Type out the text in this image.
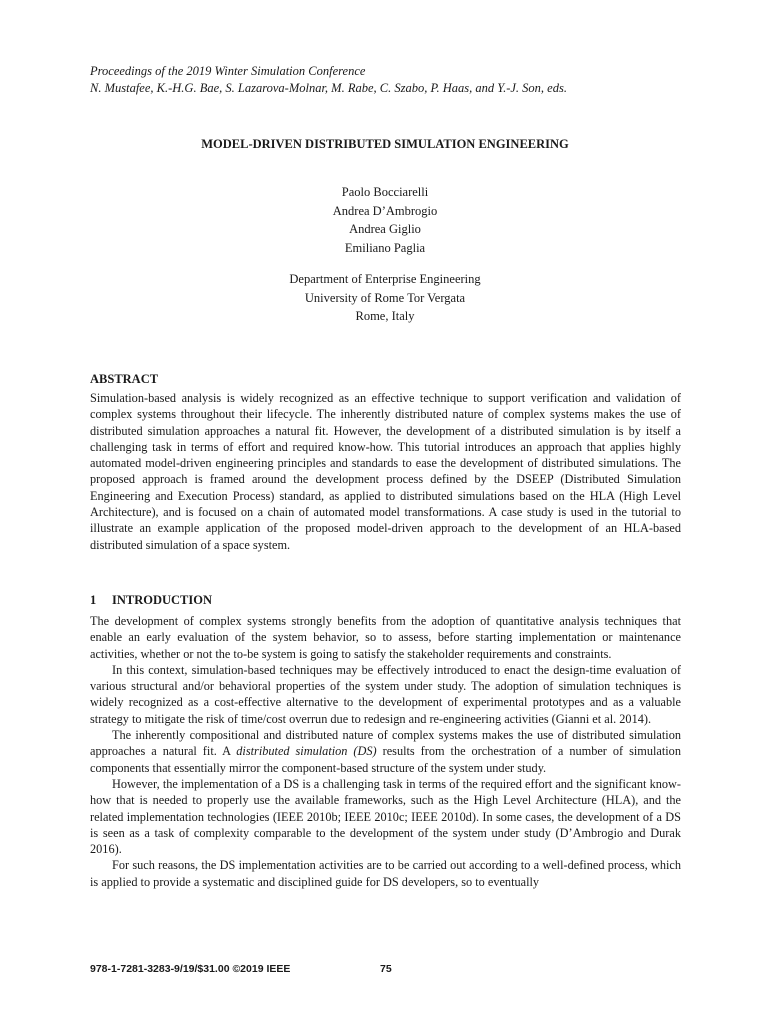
Proceedings of the 2019 Winter Simulation Conference
N. Mustafee, K.-H.G. Bae, S. Lazarova-Molnar, M. Rabe, C. Szabo, P. Haas, and Y.-J. Son, eds.
MODEL-DRIVEN DISTRIBUTED SIMULATION ENGINEERING
Paolo Bocciarelli
Andrea D’Ambrogio
Andrea Giglio
Emiliano Paglia
Department of Enterprise Engineering
University of Rome Tor Vergata
Rome, Italy
ABSTRACT

Simulation-based analysis is widely recognized as an effective technique to support verification and validation of complex systems throughout their lifecycle. The inherently distributed nature of complex systems makes the use of distributed simulation approaches a natural fit. However, the development of a distributed simulation is by itself a challenging task in terms of effort and required know-how. This tutorial introduces an approach that applies highly automated model-driven engineering principles and standards to ease the development of distributed simulations. The proposed approach is framed around the development process defined by the DSEEP (Distributed Simulation Engineering and Execution Process) standard, as applied to distributed simulations based on the HLA (High Level Architecture), and is focused on a chain of automated model transformations. A case study is used in the tutorial to illustrate an example application of the proposed model-driven approach to the development of an HLA-based distributed simulation of a space system.

1 INTRODUCTION

The development of complex systems strongly benefits from the adoption of quantitative analysis techniques that enable an early evaluation of the system behavior, so to assess, before starting implementation or maintenance activities, whether or not the to-be system is going to satisfy the stakeholder requirements and constraints.

In this context, simulation-based techniques may be effectively introduced to enact the design-time evaluation of various structural and/or behavioral properties of the system under study. The adoption of simulation techniques is widely recognized as a cost-effective alternative to the development of experimental prototypes and as a valuable strategy to mitigate the risk of time/cost overrun due to redesign and re-engineering activities (Gianni et al. 2014).

The inherently compositional and distributed nature of complex systems makes the use of distributed simulation approaches a natural fit. A distributed simulation (DS) results from the orchestration of a number of simulation components that essentially mirror the component-based structure of the system under study.

However, the implementation of a DS is a challenging task in terms of the required effort and the significant know-how that is needed to properly use the available frameworks, such as the High Level Architecture (HLA), and the related implementation technologies (IEEE 2010b; IEEE 2010c; IEEE 2010d). In some cases, the development of a DS is seen as a task of complexity comparable to the development of the system under study (D’Ambrogio and Durak 2016).

For such reasons, the DS implementation activities are to be carried out according to a well-defined process, which is applied to provide a systematic and disciplined guide for DS developers, so to eventually

978-1-7281-3283-9/19/$31.00 ©2019 IEEE	75
